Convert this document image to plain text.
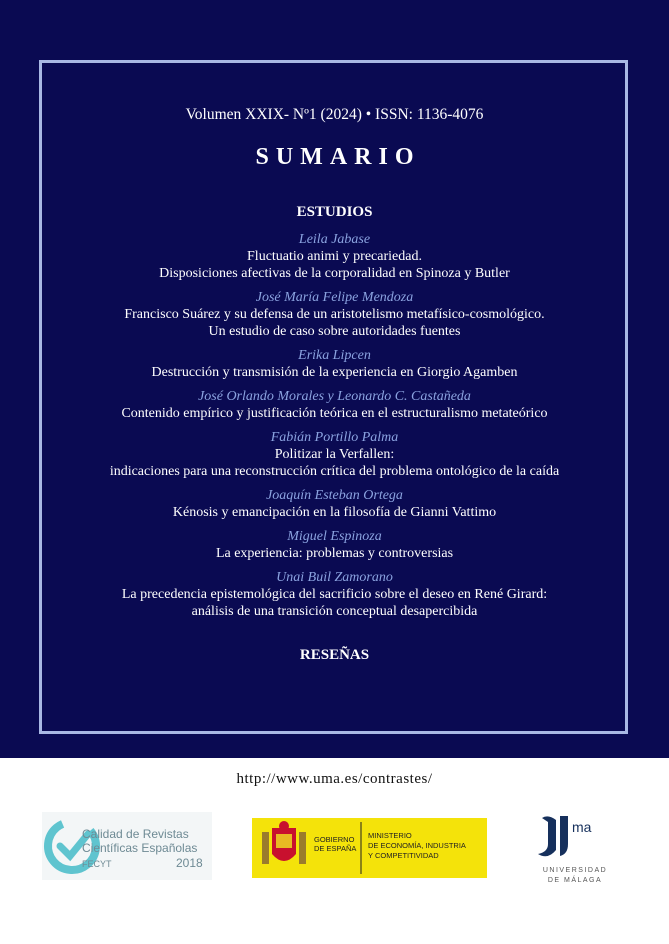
Volumen XXIX- Nº1 (2024) • ISSN: 1136-4076
SUMARIO
ESTUDIOS
Leila Jabase
Fluctuatio animi y precariedad.
Disposiciones afectivas de la corporalidad en Spinoza y Butler
José María Felipe Mendoza
Francisco Suárez y su defensa de un aristotelismo metafísico-cosmológico.
Un estudio de caso sobre autoridades fuentes
Erika Lipcen
Destrucción y transmisión de la experiencia en Giorgio Agamben
José Orlando Morales y Leonardo C. Castañeda
Contenido empírico y justificación teórica en el estructuralismo metateórico
Fabián Portillo Palma
Politizar la Verfallen:
indicaciones para una reconstrucción crítica del problema ontológico de la caída
Joaquín Esteban Ortega
Kénosis y emancipación en la filosofía de Gianni Vattimo
Miguel Espinoza
La experiencia: problemas y controversias
Unai Buil Zamorano
La precedencia epistemológica del sacrificio sobre el deseo en René Girard:
análisis de una transición conceptual desapercibida
RESEÑAS
http://www.uma.es/contrastes/
Calidad de Revistas
Científicas Españolas
FECYT	2018
GOBIERNO
DE ESPAÑA
MINISTERIO
DE ECONOMÍA, INDUSTRIA
Y COMPETITIVIDAD
ma
UNIVERSIDAD
DE MÁLAGA
